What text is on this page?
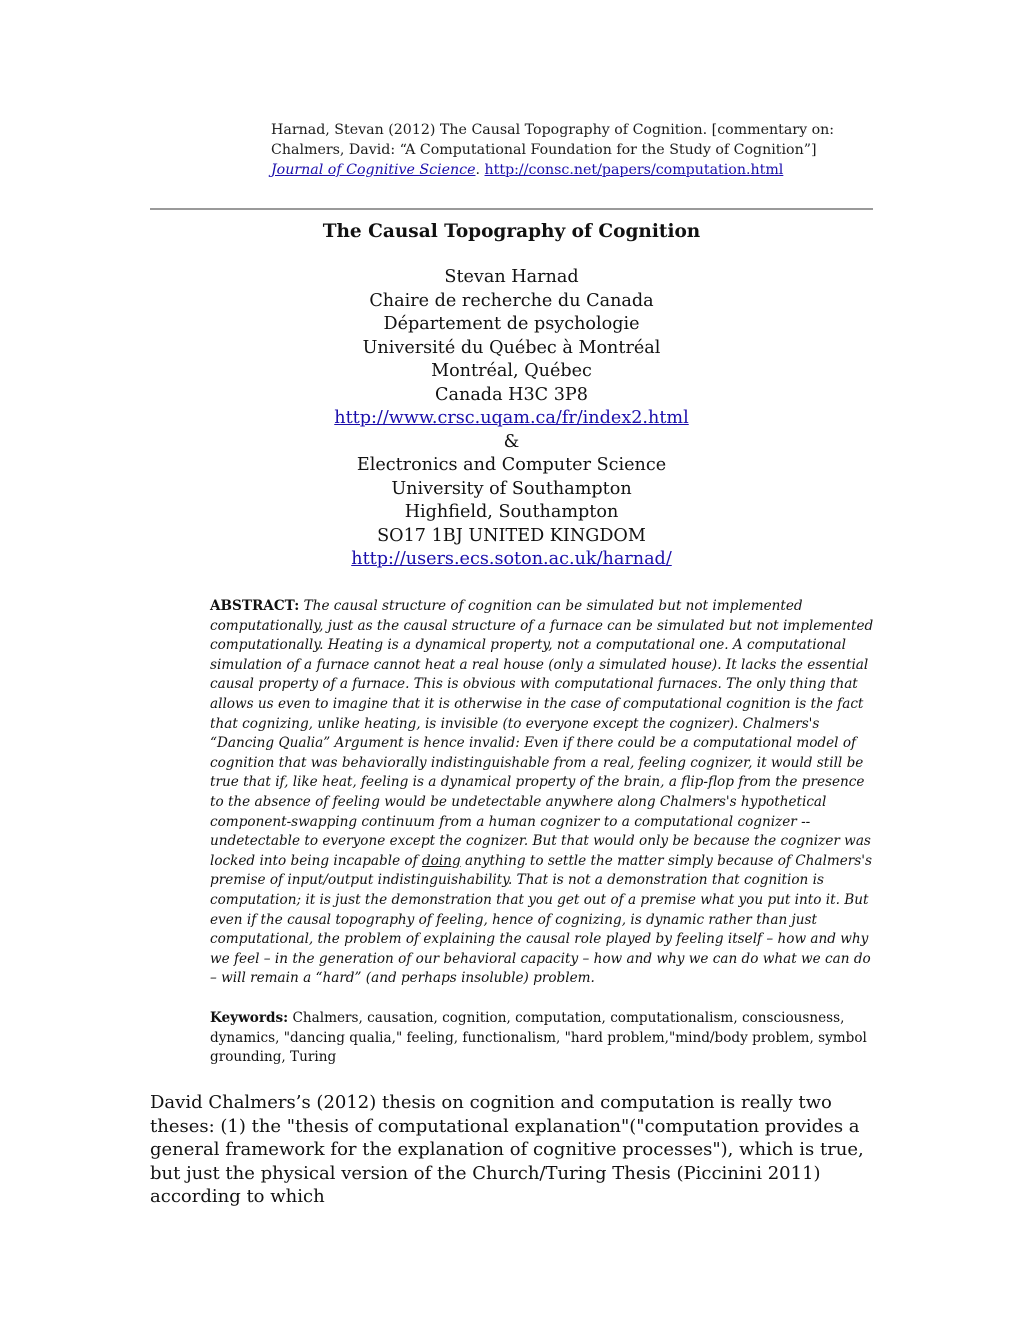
Harnad, Stevan (2012) The Causal Topography of Cognition. [commentary on: Chalmers, David: “A Computational Foundation for the Study of Cognition”] Journal of Cognitive Science. http://consc.net/papers/computation.html
The Causal Topography of Cognition
Stevan Harnad
Chaire de recherche du Canada
Département de psychologie
Université du Québec à Montréal
Montréal, Québec
Canada H3C 3P8
http://www.crsc.uqam.ca/fr/index2.html
&
Electronics and Computer Science
University of Southampton
Highfield, Southampton
SO17 1BJ UNITED KINGDOM
http://users.ecs.soton.ac.uk/harnad/
ABSTRACT: The causal structure of cognition can be simulated but not implemented computationally, just as the causal structure of a furnace can be simulated but not implemented computationally. Heating is a dynamical property, not a computational one. A computational simulation of a furnace cannot heat a real house (only a simulated house). It lacks the essential causal property of a furnace. This is obvious with computational furnaces. The only thing that allows us even to imagine that it is otherwise in the case of computational cognition is the fact that cognizing, unlike heating, is invisible (to everyone except the cognizer). Chalmers's “Dancing Qualia” Argument is hence invalid: Even if there could be a computational model of cognition that was behaviorally indistinguishable from a real, feeling cognizer, it would still be true that if, like heat, feeling is a dynamical property of the brain, a flip-flop from the presence to the absence of feeling would be undetectable anywhere along Chalmers's hypothetical component-swapping continuum from a human cognizer to a computational cognizer -- undetectable to everyone except the cognizer. But that would only be because the cognizer was locked into being incapable of doing anything to settle the matter simply because of Chalmers's premise of input/output indistinguishability. That is not a demonstration that cognition is computation; it is just the demonstration that you get out of a premise what you put into it. But even if the causal topography of feeling, hence of cognizing, is dynamic rather than just computational, the problem of explaining the causal role played by feeling itself – how and why we feel – in the generation of our behavioral capacity – how and why we can do what we can do – will remain a “hard” (and perhaps insoluble) problem.
Keywords: Chalmers, causation, cognition, computation, computationalism, consciousness, dynamics, "dancing qualia," feeling, functionalism, "hard problem,"mind/body problem, symbol grounding, Turing
David Chalmers’s (2012) thesis on cognition and computation is really two theses: (1) the "thesis of computational explanation"("computation provides a general framework for the explanation of cognitive processes"), which is true, but just the physical version of the Church/Turing Thesis (Piccinini 2011) according to which
